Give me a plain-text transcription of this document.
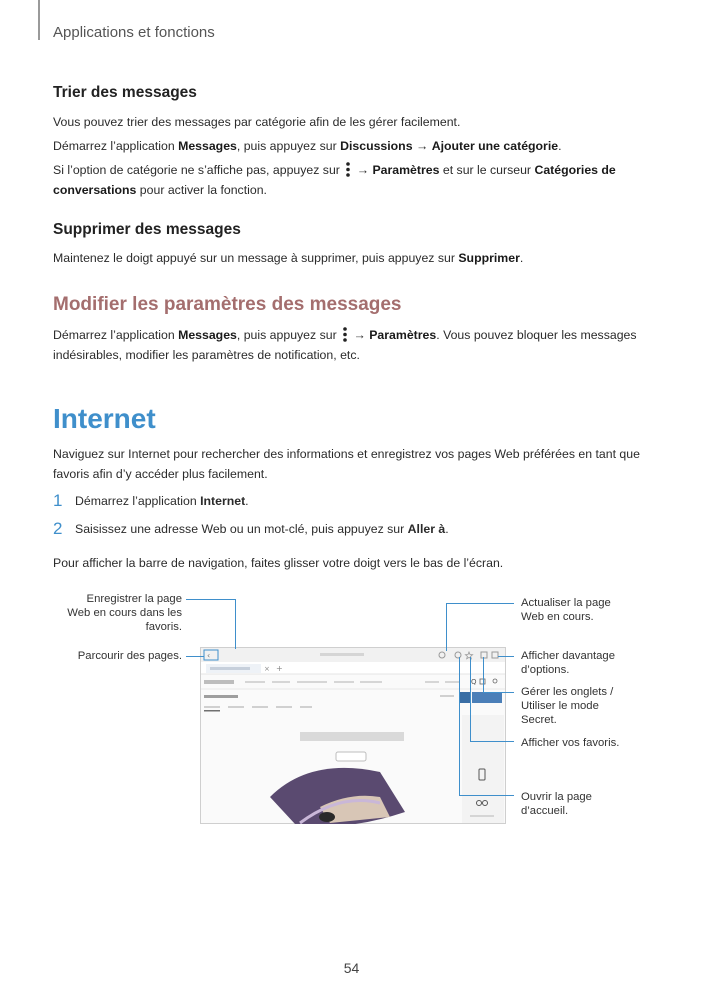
Applications et fonctions
Trier des messages
Vous pouvez trier des messages par catégorie afin de les gérer facilement.
Démarrez l’application Messages, puis appuyez sur Discussions → Ajouter une catégorie.
Si l’option de catégorie ne s’affiche pas, appuyez sur  → Paramètres et sur le curseur Catégories de
conversations pour activer la fonction.
Supprimer des messages
Maintenez le doigt appuyé sur un message à supprimer, puis appuyez sur Supprimer.
Modifier les paramètres des messages
Démarrez l’application Messages, puis appuyez sur  → Paramètres. Vous pouvez bloquer les messages
indésirables, modifier les paramètres de notification, etc.
Internet
Naviguez sur Internet pour rechercher des informations et enregistrez vos pages Web préférées en tant que
favoris afin d’y accéder plus facilement.
1 Démarrez l’application Internet.
2 Saisissez une adresse Web ou un mot-clé, puis appuyez sur Aller à.
Pour afficher la barre de navigation, faites glisser votre doigt vers le bas de l’écran.
‹
× +
Q
Enregistrer la page
Web en cours dans les
favoris.
Parcourir des pages.
Actualiser la page
Web en cours.
Afficher davantage
d’options.
Gérer les onglets /
Utiliser le mode
Secret.
Afficher vos favoris.
Ouvrir la page
d’accueil.
54
